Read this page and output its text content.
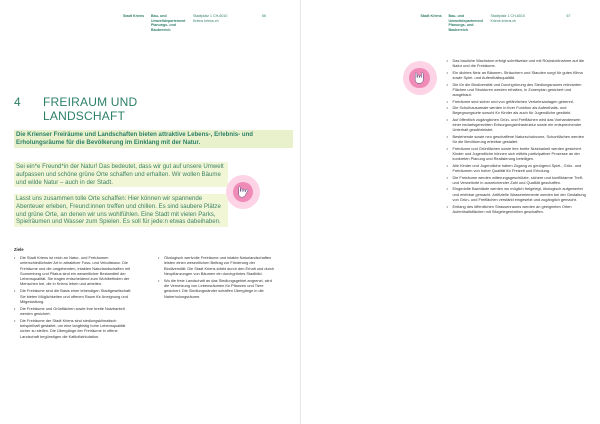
Stadt Kriens Bau- und Umweltdepartement Planungs- und Baubereich
Stadtplatz 1 CH-6010 Kriens kriens.ch
66
4 FREIRAUM UND LANDSCHAFT
Die Krienser Freiräume und Landschaften bieten attraktive Lebens-, Erlebnis- und Erholungsräume für die Bevölkerung im Einklang mit der Natur.
Sei ein*e Freund*in der Natur! Das bedeutet, dass wir gut auf unsere Umwelt aufpassen und schöne grüne Orte schaffen und erhalten. Wir wollen Bäume und wilde Natur – auch in der Stadt.
Lasst uns zusammen tolle Orte schaffen: Hier können wir spannende Abenteuer erleben, Freund:innen treffen und chillen. Es sind saubere Plätze und grüne Orte, an denen wir uns wohlfühlen. Eine Stadt mit vielen Parks, Spielräumen und Wasser zum Spielen. Es soll für jede:n etwas dabeihaben.
Ziele
• Die Stadt Kriens ist reich an Natur- und Freiräumen unterschiedlichster Art in attraktiver Fuss- und Velodistanz. Die Freiräume und die umgebenden, intakten Naturlandschaften mit Sonnenberg und Pilatus sind ein wesentlicher Bestandteil der Lebensqualität. Sie tragen entscheidend zum Wohlbefinden der Menschen bei, die in Kriens leben und arbeiten.
• Die Freiräume sind die Basis einer lebendigen Stadtgesellschaft. Sie bieten Möglichkeiten und offenen Raum für Aneignung und Mitgestaltung.
• Die Freiräume und Grünflächen sowie ihre breite Nutzbarkeit werden gesichert.
• Die Freiräume der Stadt Kriens sind siedlungsklimatisch beispielhaft gestaltet, um eine langfristig hohe Lebensqualität sicher zu stellen. Die Übergänge der Freiräume in offene Landschaft begünstigen die Kaltluftzirkulation.
• Ökologisch wertvolle Freiräume und intakte Naturlandschaften leisten einen wesentlichen Beitrag zur Förderung der Biodiversität. Die Stadt Kriens stärkt durch den Erhalt und durch Neupflanzungen von Bäumen ein durchgrüntes Stadtbild.
• Wo die freie Landschaft an das Siedlungsgebiet angrenzt, wird die Vernetzung von Lebensräumen für Pflanzen und Tiere gesichert. Die Siedlungsränder schaffen Übergänge in die Naherholungsräume.
Stadt Kriens Bau- und Umweltdepartement Planungs- und Baubereich
Stadtplatz 1 CH-6010 Kriens kriens.ch
67
• Das bauliche Wachstum erfolgt schrittweise und mit Rücksichtnahme auf die Natur und die Freiräume.
• Ein dichtes Netz an Bäumen, Sträuchern und Stauden sorgt für gutes Klima sowie Spiel- und Aufenthaltsqualität.
• Die für die Biodiversität und Durchgrünung des Siedlungsraums relevanten Flächen und Strukturen werden erhalten, in Zonenplan gesichert und ausgebaut.
• Freiräume sind sicher und von gefährlichen Verkehrsanlagen getrennt.
• Die Schulhausareale werden in ihrer Funktion als Aufenthalts- und Begegnungsorte sowohl für Kinder als auch für Jugendliche gestärkt.
• Auf öffentlich zugänglichen Grün- und Freiflächen wird das Vorhandensein einer bedarfsgerechten Entsorgungsinfrastruktur sowie ein entsprechender Unterhalt gewährleistet.
• Bestehende sowie neu geschaffene Naturschutzzone, Schonflächen werden für die Bevölkerung erlebbar gestaltet.
• Freiräume und Grünflächen sowie ihre breite Nutzbarkeit werden gesichert. Kinder und Jugendliche können sich mittels partizipativer Prozesse an der konkreten Planung und Realisierung beteiligen.
• Alle Kinder und Jugendliche haben Zugang zu genügend Spiel-, Grün- und Freiräumen von hoher Qualität für Freizeit und Erholung.
• Die Freiräume werden witterungsgeschützte, sichere und konfliktarme Treff- und Verweilorte in ausreichender Zahl und Qualität geschaffen.
• Eingedolte Bachläufe werden wo möglich freigelegt, ökologisch aufgewertet und erlebbar gemacht. Artifizielle Wasserelemente werden bei der Gestaltung von Grün- und Freiflächen verstärkt eingesetzt und zugänglich gemacht.
• Entlang des öffentlichen Strassenraums werden an geeigneten Orten Aufenthaltsflächen mit Sitzgelegenheiten geschaffen.
